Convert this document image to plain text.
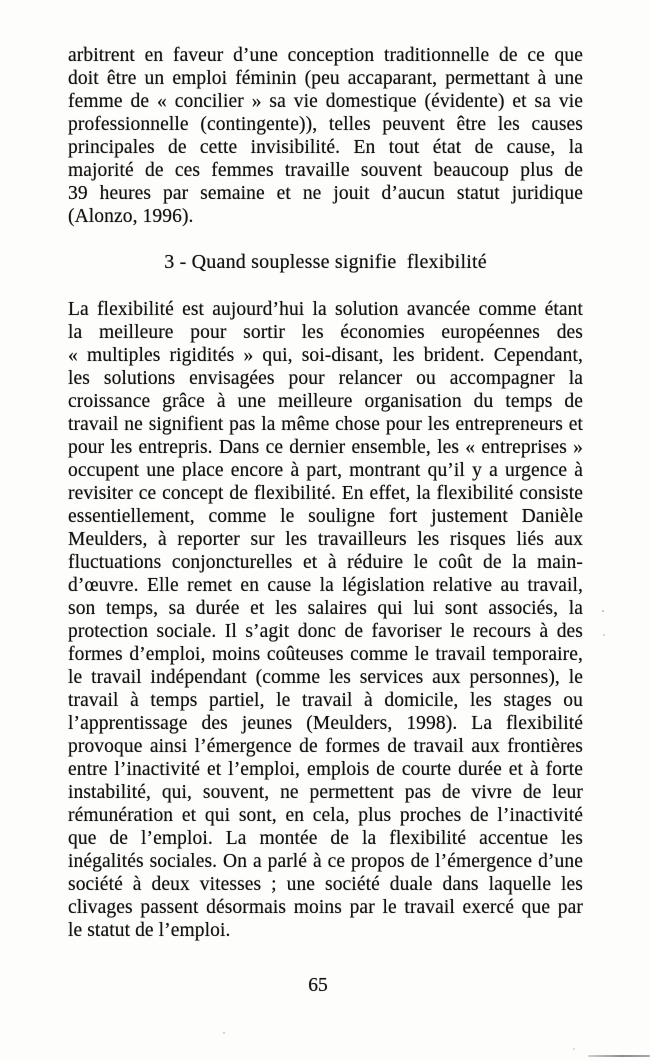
arbitrent en faveur d’une conception traditionnelle de ce que
doit être un emploi féminin (peu accaparant, permettant à une
femme de « concilier » sa vie domestique (évidente) et sa vie
professionnelle (contingente)), telles peuvent être les causes
principales de cette invisibilité. En tout état de cause, la
majorité de ces femmes travaille souvent beaucoup plus de
39 heures par semaine et ne jouit d’aucun statut juridique
(Alonzo, 1996).
3 - Quand souplesse signifie  flexibilité
La flexibilité est aujourd’hui la solution avancée comme étant
la meilleure pour sortir les économies européennes des
« multiples rigidités » qui, soi-disant, les brident. Cependant,
les solutions envisagées pour relancer ou accompagner la
croissance grâce à une meilleure organisation du temps de
travail ne signifient pas la même chose pour les entrepreneurs et
pour les entrepris. Dans ce dernier ensemble, les « entreprises »
occupent une place encore à part, montrant qu’il y a urgence à
revisiter ce concept de flexibilité. En effet, la flexibilité consiste
essentiellement, comme le souligne fort justement Danièle
Meulders, à reporter sur les travailleurs les risques liés aux
fluctuations conjoncturelles et à réduire le coût de la main-
d’œuvre. Elle remet en cause la législation relative au travail,
son temps, sa durée et les salaires qui lui sont associés, la
protection sociale. Il s’agit donc de favoriser le recours à des
formes d’emploi, moins coûteuses comme le travail temporaire,
le travail indépendant (comme les services aux personnes), le
travail à temps partiel, le travail à domicile, les stages ou
l’apprentissage des jeunes (Meulders, 1998). La flexibilité
provoque ainsi l’émergence de formes de travail aux frontières
entre l’inactivité et l’emploi, emplois de courte durée et à forte
instabilité, qui, souvent, ne permettent pas de vivre de leur
rémunération et qui sont, en cela, plus proches de l’inactivité
que de l’emploi. La montée de la flexibilité accentue les
inégalités sociales. On a parlé à ce propos de l’émergence d’une
société à deux vitesses ; une société duale dans laquelle les
clivages passent désormais moins par le travail exercé que par
le statut de l’emploi.
65
